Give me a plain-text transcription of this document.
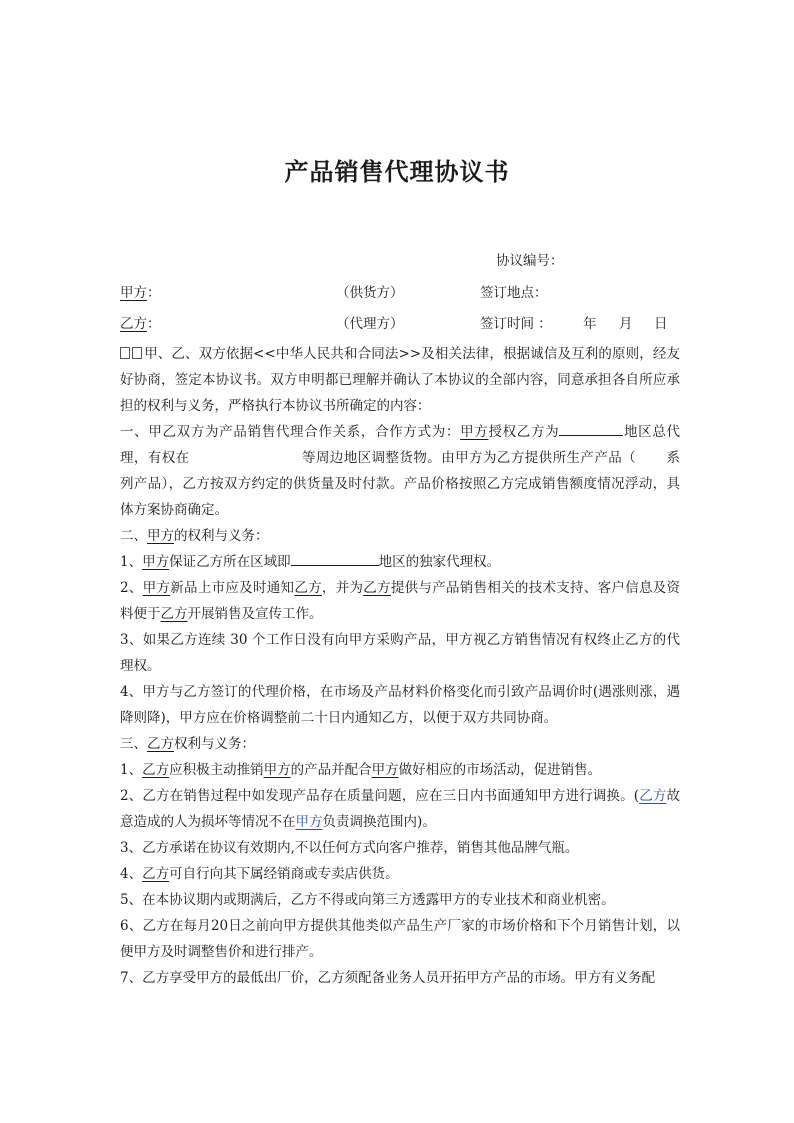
产品销售代理协议书
协议编号：
甲方：	（供货方）	签订地点：
乙方：	（代理方）	签订时间 ： 年 月 日

甲、乙、双方依据<<中华人民共和合同法>>及相关法律，根据诚信及互利的原则，经友好协商，签定本协议书。双方申明都已理解并确认了本协议的全部内容，同意承担各自所应承担的权利与义务，严格执行本协议书所确定的内容：

一、甲乙双方为产品销售代理合作关系，合作方式为：甲方授权乙方为	地区总代理，有权在	等周边地区调整货物。由甲方为乙方提供所生产产品（ 系列产品），乙方按双方约定的供货量及时付款。产品价格按照乙方完成销售额度情况浮动，具体方案协商确定。

二、甲方的权利与义务：

1、甲方保证乙方所在区域即	地区的独家代理权。

2、甲方新品上市应及时通知乙方，并为乙方提供与产品销售相关的技术支持、客户信息及资料便于乙方开展销售及宣传工作。

3、如果乙方连续 30 个工作日没有向甲方采购产品，甲方视乙方销售情况有权终止乙方的代理权。

4、甲方与乙方签订的代理价格，在市场及产品材料价格变化而引致产品调价时(遇涨则涨，遇降则降)，甲方应在价格调整前二十日内通知乙方，以便于双方共同协商。

三、乙方权利与义务：

1、乙方应积极主动推销甲方的产品并配合甲方做好相应的市场活动，促进销售。

2、乙方在销售过程中如发现产品存在质量问题，应在三日内书面通知甲方进行调换。(乙方故意造成的人为损坏等情况不在甲方负责调换范围内)。

3、乙方承诺在协议有效期内,不以任何方式向客户推荐，销售其他品牌气瓶。

4、乙方可自行向其下属经销商或专卖店供货。

5、在本协议期内或期满后，乙方不得或向第三方透露甲方的专业技术和商业机密。

6、乙方在每月20日之前向甲方提供其他类似产品生产厂家的市场价格和下个月销售计划，以便甲方及时调整售价和进行排产。

7、乙方享受甲方的最低出厂价，乙方须配备业务人员开拓甲方产品的市场。甲方有义务配
